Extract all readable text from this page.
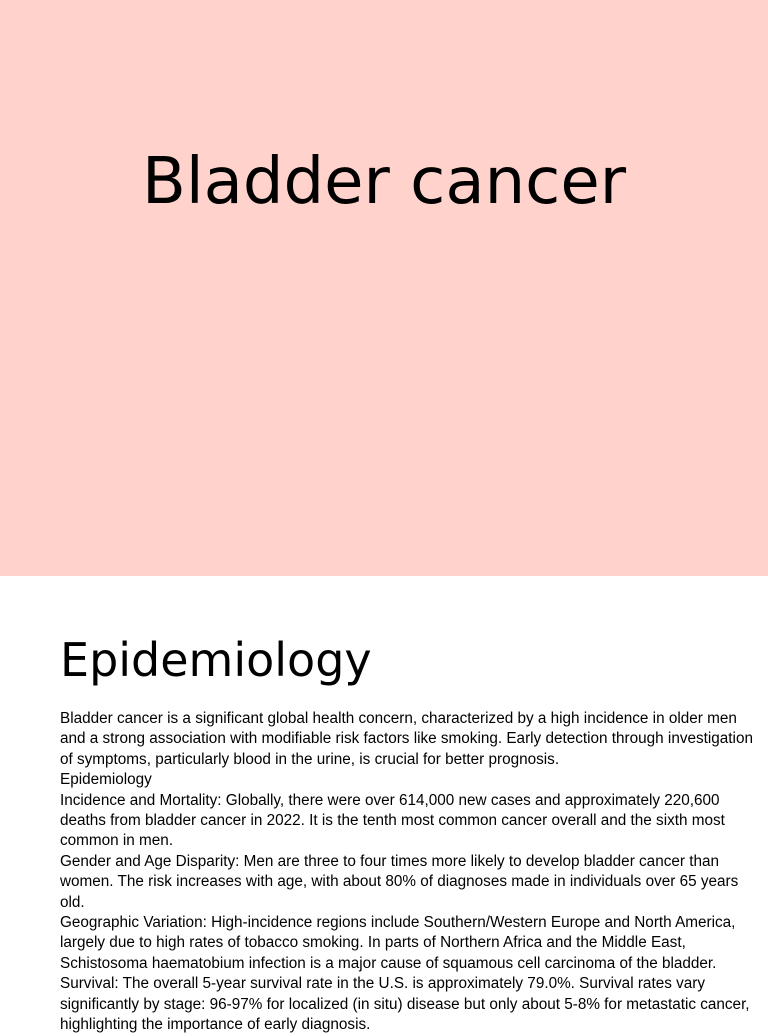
Bladder cancer
Epidemiology

Bladder cancer is a significant global health concern, characterized by a high incidence in older men and a strong association with modifiable risk factors like smoking. Early detection through investigation of symptoms, particularly blood in the urine, is crucial for better prognosis.

Epidemiology

Incidence and Mortality: Globally, there were over 614,000 new cases and approximately 220,600 deaths from bladder cancer in 2022. It is the tenth most common cancer overall and the sixth most common in men.

Gender and Age Disparity: Men are three to four times more likely to develop bladder cancer than women. The risk increases with age, with about 80% of diagnoses made in individuals over 65 years old.

Geographic Variation: High-incidence regions include Southern/Western Europe and North America, largely due to high rates of tobacco smoking. In parts of Northern Africa and the Middle East, Schistosoma haematobium infection is a major cause of squamous cell carcinoma of the bladder.

Survival: The overall 5-year survival rate in the U.S. is approximately 79.0%. Survival rates vary significantly by stage: 96-97% for localized (in situ) disease but only about 5-8% for metastatic cancer, highlighting the importance of early diagnosis.
